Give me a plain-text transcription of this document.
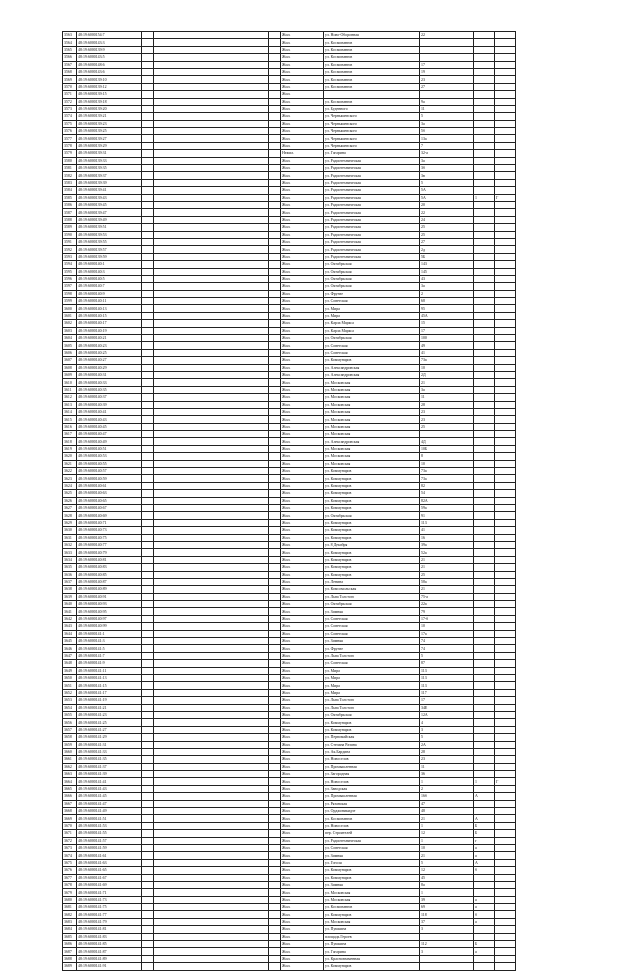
3563	48:19:6000154:7				Жил.	ул. Ново-Оборонная	22		
3564	48:19:6000143:3				Жил.	ул. Космонавтов			
3565	48:19:6000139:9				Жил.	ул. Космонавтов			
3566	48:19:6000143:5				Жил.	ул. Космонавтов			
3567	48:19:6000148:6				Жил.	ул. Космонавтов	17		
3568	48:19:6000143:6				Жил.	ул. Космонавтов	19		
3569	48:19:6000139:10				Жил.	ул. Космонавтов	23		
3570	48:19:6000139:12				Жил.	ул. Космонавтов	27		
3571	48:19:6000139:15				Жил.				
3572	48:19:6000139:18				Жил.	ул. Космонавтов	9а		
3573	48:19:6000139:20				Жил.	ул. Буденного	11		
3574	48:19:6000139:21				Жил.	ул. Чернышевского	5		
3575	48:19:6000139:23				Жил.	ул. Чернышевского	3а		
3576	48:19:6000139:25				Жил.	ул. Чернышевского	5б		
3577	48:19:6000139:27				Жил.	ул. Чернышевского	13а		
3578	48:19:6000139:29				Жил.	ул. Чернышевского	7		
3579	48:19:6000139:31				Нежил.	ул. Гагарина	32-а		
3580	48:19:6000139:33				Жил.	ул. Радиотехническая	3а		
3581	48:19:6000139:35				Жил.	ул. Радиотехническая	3б		
3582	48:19:6000139:37				Жил.	ул. Радиотехническая	3в		
3583	48:19:6000139:39				Жил.	ул. Радиотехническая	5		
3584	48:19:6000139:41				Жил.	ул. Радиотехническая	5А		
3585	48:19:6000139:43				Жил.	ул. Радиотехническая	5А	1	Г
3586	48:19:6000139:45				Жил.	ул. Радиотехническая	20		
3587	48:19:6000139:47				Жил.	ул. Радиотехническая	22		
3588	48:19:6000139:49				Жил.	ул. Радиотехническая	24		
3589	48:19:6000139:51				Жил.	ул. Радиотехническая	25		
3590	48:19:6000139:53				Жил.	ул. Радиотехническая	25		
3591	48:19:6000139:55				Жил.	ул. Радиотехническая	27		
3592	48:19:6000139:57				Жил.	ул. Радиотехническая	2д		
3593	48:19:6000139:59				Жил.	ул. Радиотехническая	5Б		
3594	48:19:6000140:1				Жил.	ул. Октябрьская	143		
3595	48:19:6000140:3				Жил.	ул. Октябрьская	145		
3596	48:19:6000140:5				Жил.	ул. Октябрьская	43		
3597	48:19:6000140:7				Жил.	ул. Октябрьская	3а		
3598	48:19:6000140:9				Жил.	ул. Фрунзе	2		
3599	48:19:6000140:11				Жил.	ул. Советская	68		
3600	48:19:6000140:13				Жил.	ул. Мира	95		
3601	48:19:6000140:15				Жил.	ул. Мира	45А		
3602	48:19:6000140:17				Жил.	ул. Карла Маркса	15		
3603	48:19:6000140:19				Жил.	ул. Карла Маркса	17		
3604	48:19:6000140:21				Жил.	ул. Октябрьская	100		
3605	48:19:6000140:23				Жил.	ул. Советская	49		
3606	48:19:6000140:25				Жил.	ул. Советская	41		
3607	48:19:6000140:27				Жил.	ул. Коммунаров	73а		
3608	48:19:6000140:29				Жил.	ул. Александровская	10		
3609	48:19:6000140:31				Жил.	ул. Александровская	2Д		
3610	48:19:6000140:33				Жил.	ул. Московская	21		
3611	48:19:6000140:35				Жил.	ул. Московская	3а		
3612	48:19:6000140:37				Жил.	ул. Московская	11		
3613	48:19:6000140:39				Жил.	ул. Московская	28		
3614	48:19:6000140:41				Жил.	ул. Московская	23		
3615	48:19:6000140:43				Жил.	ул. Московская	23		
3616	48:19:6000140:45				Жил.	ул. Московская	25		
3617	48:19:6000140:47				Жил.	ул. Московская			
3618	48:19:6000140:49				Жил.	ул. Александровская	4Д		
3619	48:19:6000140:51				Жил.	ул. Московская	10Б		
3620	48:19:6000140:53				Жил.	ул. Московская	8		
3621	48:19:6000140:55				Жил.	ул. Московская	10		
3622	48:19:6000140:57				Жил.	ул. Коммунаров	73а		
3623	48:19:6000140:59				Жил.	ул. Коммунаров	73а		
3624	48:19:6000140:61				Жил.	ул. Коммунаров	82		
3625	48:19:6000140:63				Жил.	ул. Коммунаров	54		
3626	48:19:6000140:65				Жил.	ул. Коммунаров	82А		
3627	48:19:6000140:67				Жил.	ул. Коммунаров	59а		
3628	48:19:6000140:69				Жил.	ул. Октябрьская	91		
3629	48:19:6000140:71				Жил.	ул. Коммунаров	113		
3630	48:19:6000140:73				Жил.	ул. Коммунаров	41		
3631	48:19:6000140:75				Жил.	ул. Коммунаров	16		
3632	48:19:6000140:77				Жил.	ул. 8 Декабря	39а		
3633	48:19:6000140:79				Жил.	ул. Коммунаров	52а		
3634	48:19:6000140:81				Жил.	ул. Коммунаров	21		
3635	48:19:6000140:83				Жил.	ул. Коммунаров	21		
3636	48:19:6000140:85				Жил.	ул. Коммунаров	25		
3637	48:19:6000140:87				Жил.	ул. Ленина	58а		
3638	48:19:6000140:89				Жил.	ул. Комсомольская	21		
3639	48:19:6000140:91				Жил.	ул. Льва Толстого	75-а		
3640	48:19:6000140:93				Жил.	ул. Октябрьская	22а		
3641	48:19:6000140:95				Жил.	ул. Зимняя	79		
3642	48:19:6000140:97				Жил.	ул. Советская	17-б		
3643	48:19:6000140:99				Жил.	ул. Советская	10		
3644	48:19:6000141:1				Жил.	ул. Советская	17а		
3645	48:19:6000141:3				Жил.	ул. Зимняя	74		
3646	48:19:6000141:5				Жил.	ул. Фрунзе	74		
3647	48:19:6000141:7				Жил.	ул. Льва Толстого	5		
3648	48:19:6000141:9				Жил.	ул. Советская	87		
3649	48:19:6000141:11				Жил.	ул. Мира	113		
3650	48:19:6000141:13				Жил.	ул. Мира	113		
3651	48:19:6000141:15				Жил.	ул. Мира	113		
3652	48:19:6000141:17				Жил.	ул. Мира	117		
3653	48:19:6000141:19				Жил.	ул. Льва Толстого	17		
3654	48:19:6000141:21				Жил.	ул. Льва Толстого	34Е		
3655	48:19:6000141:23				Жил.	ул. Октябрьская	12А		
3656	48:19:6000141:25				Жил.	ул. Коммунаров	4		
3657	48:19:6000141:27				Жил.	ул. Коммунаров	3		
3658	48:19:6000141:29				Жил.	ул. Первомайская	5		
3659	48:19:6000141:31				Жил.	ул. Степана Разина	2А		
3660	48:19:6000141:33				Жил.	ул. Ак.Бардина	28		
3661	48:19:6000141:35				Жил.	ул. Новоселов	23		
3662	48:19:6000141:37				Жил.	ул. Промышленная	11		
3663	48:19:6000141:39				Жил.	ул. Загородная	36		
3664	48:19:6000141:41				Жил.	ул. Новоселов	1	1	Г
3665	48:19:6000141:43				Жил.	ул. Заводская	2		
3666	48:19:6000141:45				Жил.	ул. Промышленная	16б	А	
3667	48:19:6000141:47				Жил.	ул. Рязанская	47		
3668	48:19:6000141:49				Жил.	ул. Орджоникидзе	48		
3669	48:19:6000141:51				Жил.	ул. Космонавтов	21	А	
3670	48:19:6000141:53				Жил.	ул. Новоселов	1	Б	
3671	48:19:6000141:55				Жил.	пер. Строителей	12	Б	
3672	48:19:6000141:57				Жил.	ул. Радиотехническая	1	г	
3673	48:19:6000141:59				Жил.	ул. Советская	10	а	
3674	48:19:6000141:61				Жил.	ул. Зимняя	21	а	
3675	48:19:6000141:63				Жил.	ул. Гоголя	5	А	
3676	48:19:6000141:65				Жил.	ул. Коммунаров	12	б	
3677	48:19:6000141:67				Жил.	ул. Коммунаров	45		
3678	48:19:6000141:69				Жил.	ул. Зимняя	8а		
3679	48:19:6000141:71				Жил.	ул. Московская	1		
3680	48:19:6000141:73				Жил.	ул. Московская	39	а	
3681	48:19:6000141:75				Жил.	ул. Космонавтов	69	а	
3682	48:19:6000141:77				Жил.	ул. Коммунаров	118	б	
3683	48:19:6000141:79				Жил.	ул. Московская	37	а	
3684	48:19:6000141:81				Жил.	ул. Пушкина	3		
3685	48:19:6000141:83				Жил.	площадь Героев			
3686	48:19:6000141:85				Жил.	ул. Пушкина	112	Б	
3687	48:19:6000141:87				Жил.	ул. Гагарина	3	а	
3688	48:19:6000141:89				Жил.	ул. Краснознаменная			
3689	48:19:6000141:91				Жил.	ул. Коммунаров			
